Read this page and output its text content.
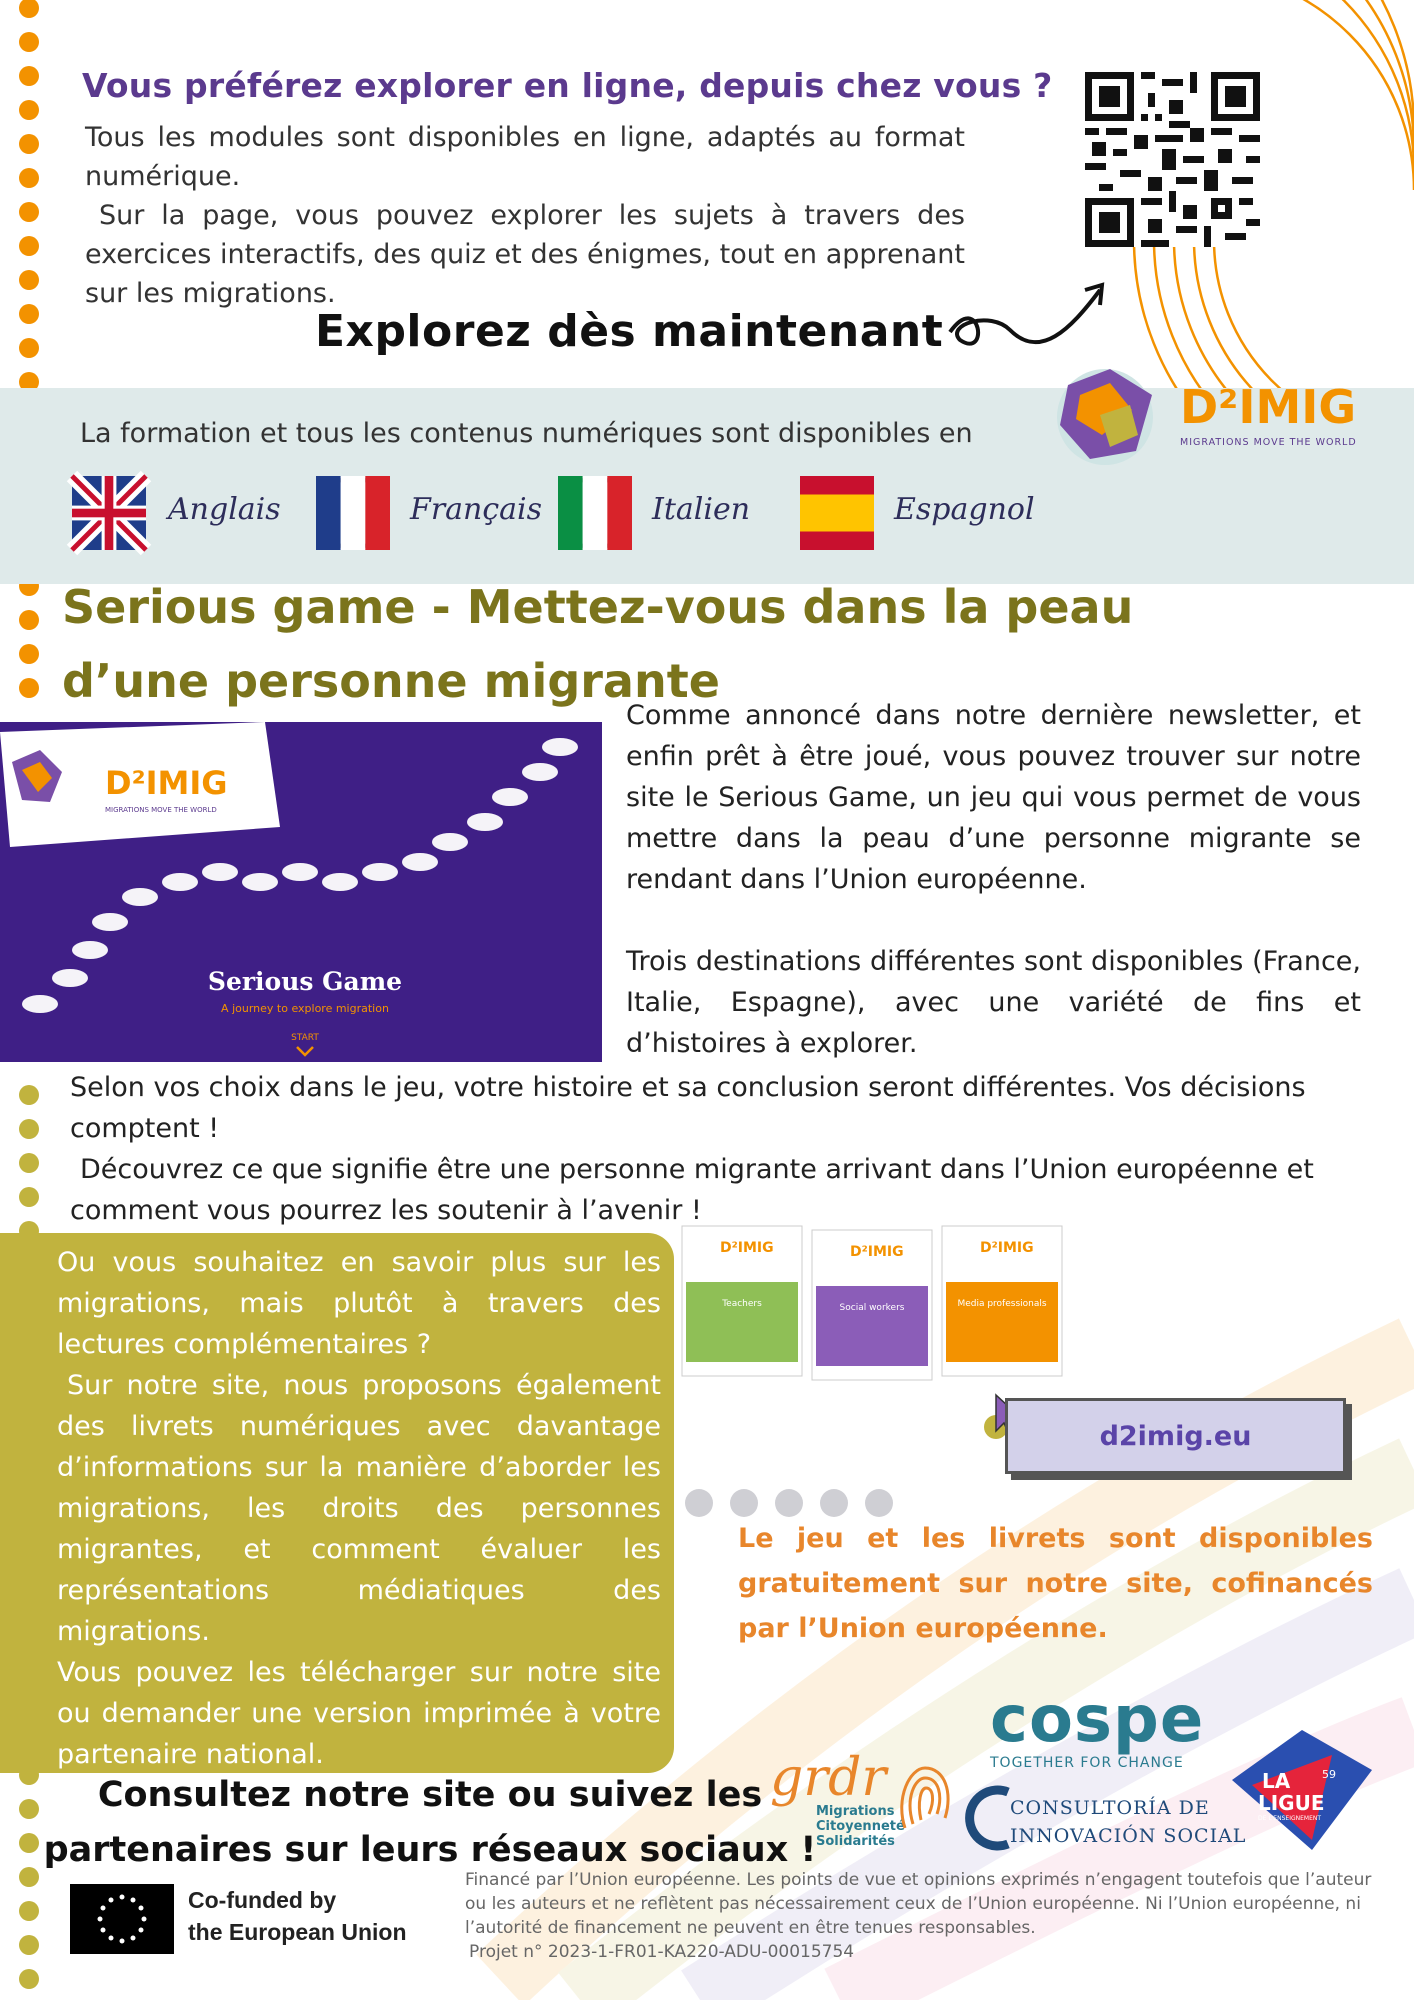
Vous préférez explorer en ligne, depuis chez vous ?

Tous les modules sont disponibles en ligne, adaptés au format numérique.

Sur la page, vous pouvez explorer les sujets à travers des exercices interactifs, des quiz et des énigmes, tout en apprenant sur les migrations.

Explorez dès maintenant
La formation et tous les contenus numériques sont disponibles en	D²IMIG
MIGRATIONS MOVE THE WORLD
Anglais	Français	Italien	Espagnol
Serious game - Mettez-vous dans la peau d’une personne migrante
D²IMIG
MIGRATIONS MOVE THE WORLD
Serious Game
A journey to explore migration
START

Comme annoncé dans notre dernière newsletter, et enfin prêt à être joué, vous pouvez trouver sur notre site le Serious Game, un jeu qui vous permet de vous mettre dans la peau d’une personne migrante se rendant dans l’Union européenne.

Trois destinations différentes sont disponibles (France, Italie, Espagne), avec une variété de fins et d’histoires à explorer.

Selon vos choix dans le jeu, votre histoire et sa conclusion seront différentes. Vos décisions comptent !

Découvrez ce que signifie être une personne migrante arrivant dans l’Union européenne et comment vous pourrez les soutenir à l’avenir !

Ou vous souhaitez en savoir plus sur les migrations, mais plutôt à travers des lectures complémentaires ?

Sur notre site, nous proposons également des livrets numériques avec davantage d’informations sur la manière d’aborder les migrations, les droits des personnes migrantes, et comment évaluer les représentations médiatiques des migrations.

Vous pouvez les télécharger sur notre site ou demander une version imprimée à votre partenaire national.

D²IMIG
Teachers
D²IMIG
Social workers
D²IMIG
Media professionals
d2imig.eu
Le jeu et les livrets sont disponibles gratuitement sur notre site, cofinancés par l’Union européenne.
Consultez notre site ou suivez les partenaires sur leurs réseaux sociaux !
Co-funded by
the European Union

Financé par l’Union européenne. Les points de vue et opinions exprimés n’engagent toutefois que l’auteur ou les auteurs et ne reflètent pas nécessairement ceux de l’Union européenne. Ni l’Union européenne, ni l’autorité de financement ne peuvent en être tenues responsables.

Projet n° 2023-1-FR01-KA220-ADU-00015754

cospe
TOGETHER FOR CHANGE
grdr
Migrations
Citoyenneté
Solidarités
CONSULTORÍA DE
INNOVACIÓN SOCIAL
LA
LIGUE
59
DE L'ENSEIGNEMENT
